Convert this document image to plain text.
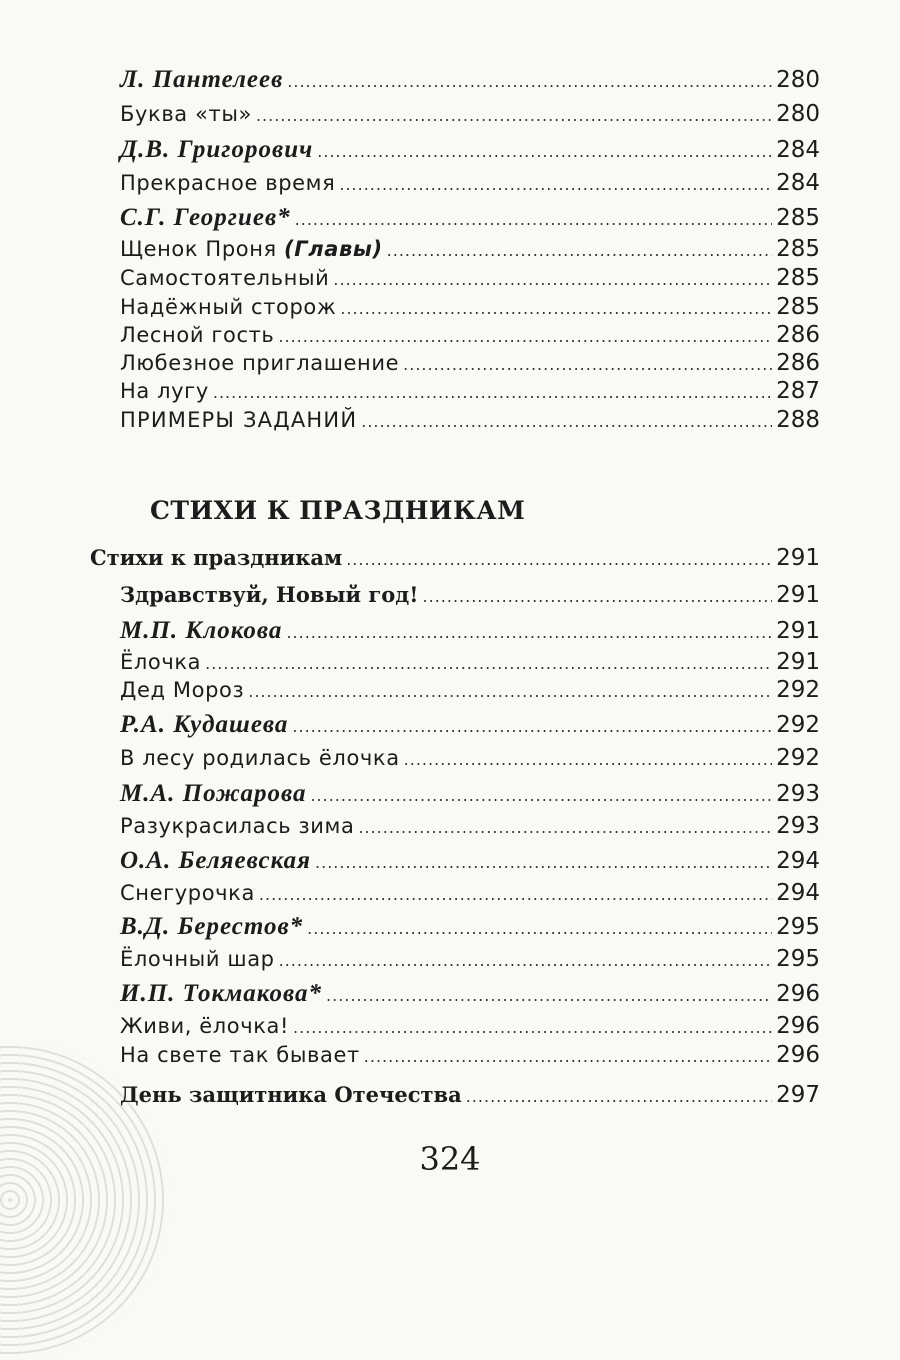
Л. Пантелеев .....	280
Буква «ты» .....	280
Д.В. Григорович .....	284
Прекрасное время .....	284
С.Г. Георгиев* .....	285
Щенок Проня (Главы) .....	285
Самостоятельный .....	285
Надёжный сторож .....	285
Лесной гость .....	286
Любезное приглашение .....	286
На лугу .....	287
ПРИМЕРЫ ЗАДАНИЙ .....	288
СТИХИ К ПРАЗДНИКАМ
Стихи к праздникам .....	291
Здравствуй, Новый год! .....	291
М.П. Клокова .....	291
Ёлочка .....	291
Дед Мороз .....	292
Р.А. Кудашева .....	292
В лесу родилась ёлочка .....	292
М.А. Пожарова .....	293
Разукрасилась зима .....	293
О.А. Беляевская .....	294
Снегурочка .....	294
В.Д. Берестов* .....	295
Ёлочный шар .....	295
И.П. Токмакова* .....	296
Живи, ёлочка! .....	296
На свете так бывает .....	296
День защитника Отечества .....	297
324
